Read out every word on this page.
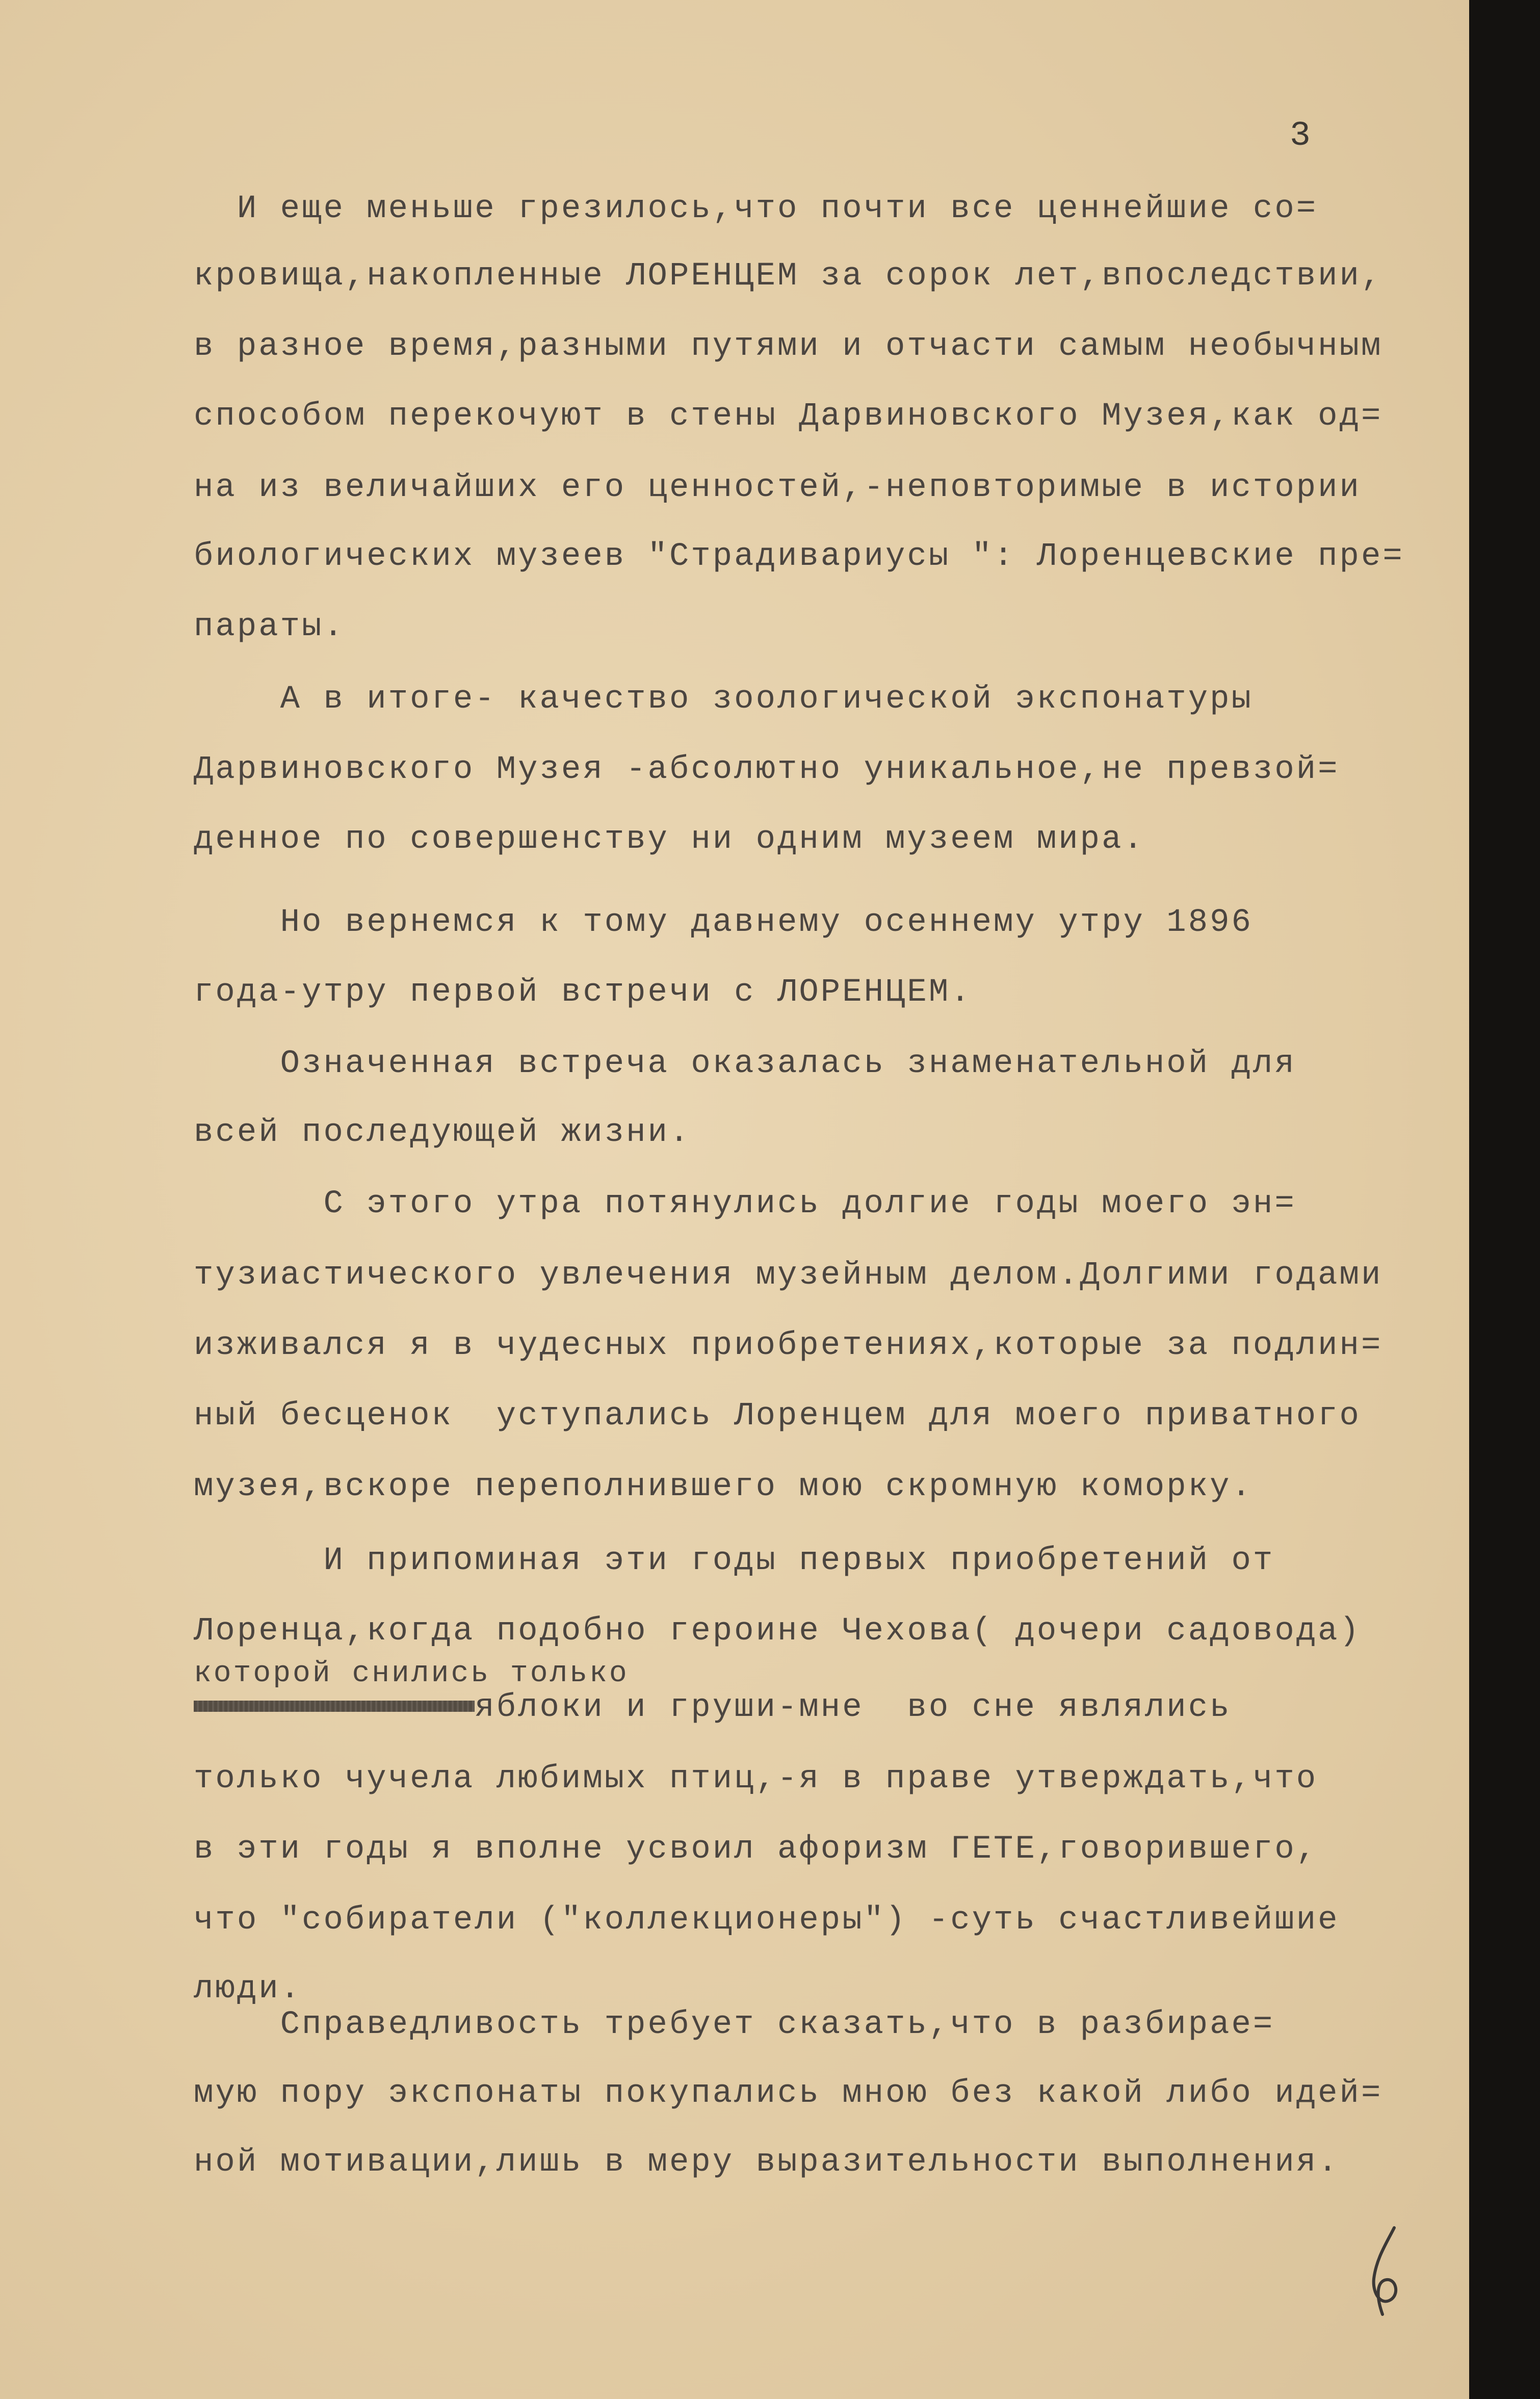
3
И еще меньше грезилось,что почти все ценнейшие со=
кровища,накопленные ЛОРЕНЦЕМ за сорок лет,впоследствии,
в разное время,разными путями и отчасти самым необычным
способом перекочуют в стены Дарвиновского Музея,как од=
на из величайших его ценностей,-неповторимые в истории
биологических музеев "Страдивариусы ": Лоренцевские пре=
параты.
А в итоге- качество зоологической экспонатуры
Дарвиновского Музея -абсолютно уникальное,не превзой=
денное по совершенству ни одним музеем мира.
Но вернемся к тому давнему осеннему утру 1896
года-утру первой встречи с ЛОРЕНЦЕМ.
Означенная встреча оказалась знаменательной для
всей последующей жизни.
С этого утра потянулись долгие годы моего эн=
тузиастического увлечения музейным делом.Долгими годами
изживался я в чудесных приобретениях,которые за подлин=
ный бесценок  уступались Лоренцем для моего приватного
музея,вскоре переполнившего мою скромную коморку.
И припоминая эти годы первых приобретений от
Лоренца,когда подобно героине Чехова( дочери садовода)
которой снились только
яблоки и груши-мне  во сне являлись
только чучела любимых птиц,-я в праве утверждать,что
в эти годы я вполне усвоил афоризм ГЕТЕ,говорившего,
что "собиратели ("коллекционеры") -суть счастливейшие
люди.
Справедливость требует сказать,что в разбирае=
мую пору экспонаты покупались мною без какой либо идей=
ной мотивации,лишь в меру выразительности выполнения.
